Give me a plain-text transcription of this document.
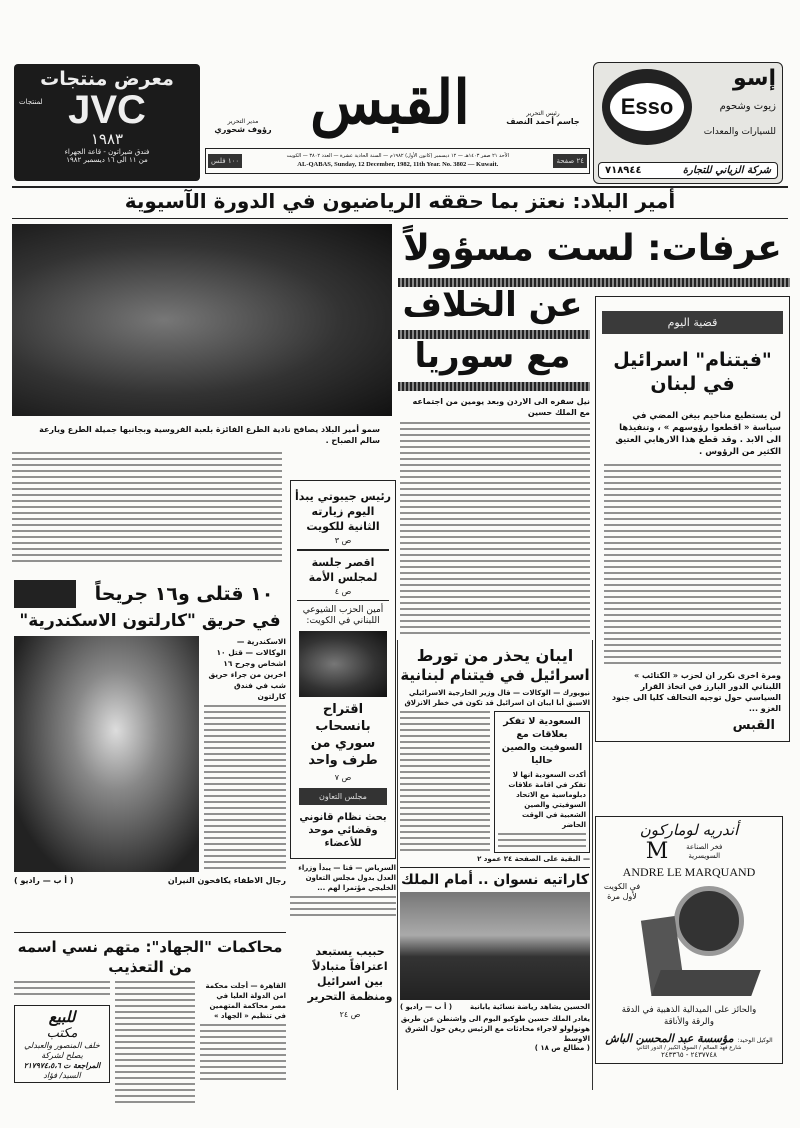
معرض منتجات
JVC
لمنتجات
١٩٨٣
فندق شيراتون - قاعة الجهراء
من ١١ الى ١٦ ديسمبر ١٩٨٢
مدير التحرير
رؤوف شحوري القبس	رئيس التحرير
جاسم أحمد النصف
٢٤ صفحة
الأحد ٢١ صفر ١٤٠٣هـ — ١٢ ديسمبر (كانون الأول) ١٩٨٢م — السنة الحادية عشرة — العدد ٣٨٠٢ — الكويت
AL-QABAS, Sunday, 12 December, 1982, 11th Year. No. 3802 — Kuwait.
١٠٠ فلس
Esso
إسو
زيوت وشحوم
للسيارات والمعدات
شركة الزياني للتجارة
٧١٨٩٤٤
أمير البلاد: نعتز بما حققه الرياضيون في الدورة الآسيوية
سمو أمير البلاد يصافح نادية الطرع الفائزة بلعبة الفروسية وبجانبها جميلة الطرع ويارعة سالم الصباح .
عرفات: لست مسؤولاً
عن الخلاف
مع سوريا
نيل سفره الى الاردن وبعد يومين من اجتماعه مع الملك حسين
قضية اليوم
"فيتنام" اسرائيل في لبنان
لن يستطيع مناحيم بيغن المضي في سياسة « اقطعوا رؤوسهم » ، وتنفيذها الى الابد . وقد قطع هذا الارهابي العتيق الكثير من الرؤوس .
ومرة اخرى نكرر ان لحزب « الكتائب » اللبناني الدور البارز في اتخاذ القرار السياسي حول توجيه التحالف كليا الى جنود الغزو ...
القبس
رئيس جيبوتي يبدأ اليوم زيارته الثانية للكويت
ص ٣
اقصر جلسة لمجلس الأمة
ص ٤
أمين الحزب الشيوعي اللبناني في الكويت:
اقتراح بانسحاب سوري من طرف واحد
ص ٧
مجلس التعاون
بحث نظام قانوني وقضائي موحد للأعضاء
السرياض — قنا — يبدأ وزراء العدل بدول مجلس التعاون الخليجي مؤتمرا لهم ...
١٠ قتلى و١٦ جريحاً
في حريق "كارلتون الاسكندرية"
الاسكندرية — الوكالات — قتل ١٠ اشخاص وجرح ١٦ اخرين من جراء حريق شب في فندق كارلتون
رجال الاطفاء يكافحون النيران
( أ ب — راديو )
ايبان يحذر من تورط
اسرائيل في فيتنام لبنانية
نيويورك — الوكالات — قال وزير الخارجية الاسرائيلي الاسبق أبا ايبان ان اسرائيل قد تكون في خطر الانزلاق
السعودية لا تفكر بعلاقات مع السوفيت والصين حاليا
أكدت السعودية انها لا تفكر في اقامة علاقات دبلوماسية مع الاتحاد السوفيتي والصين الشعبية في الوقت الحاضر
— البقية على الصفحة ٢٤ عمود ٢
كاراتيه نسوان .. أمام الملك
الحسين يشاهد رياضة نسائية يابانية
( أ ب — راديو )
يغادر الملك حسين طوكيو اليوم الى واشنطن عن طريق هونولولو لاجراء محادثات مع الرئيس ريغن حول الشرق الاوسط
( مطالع ص ١٨ )
أندريه لوماركون
فخر الصناعة السويسرية
M
ANDRE LE MARQUAND
في الكويت لأول مرة
والحائز على الميدالية الذهبية في الدقة والرقة والأناقة
الوكيل الوحيد:
مؤسسة عبد المحسن الباش
شارع فهد السالم / السوق الكبير / الدور الثاني
٢٤٣٧٧٤٨ - ٢٤٣٣٦٥
محاكمات "الجهاد": متهم نسي اسمه من التعذيب
القاهرة — أجلت محكمة امن الدولة العليا في مصر محاكمة المتهمين في تنظيم « الجهاد »
للبيع
مكتب
خلف المنصور والعبدلي يصلح لشركة
المراجعة ت ٢١٧٩٧٤،٥،٦
السيد/ فؤاد
حبيب يستبعد اعترافاً متبادلاً بين اسرائيل ومنظمة التحرير
ص ٢٤
